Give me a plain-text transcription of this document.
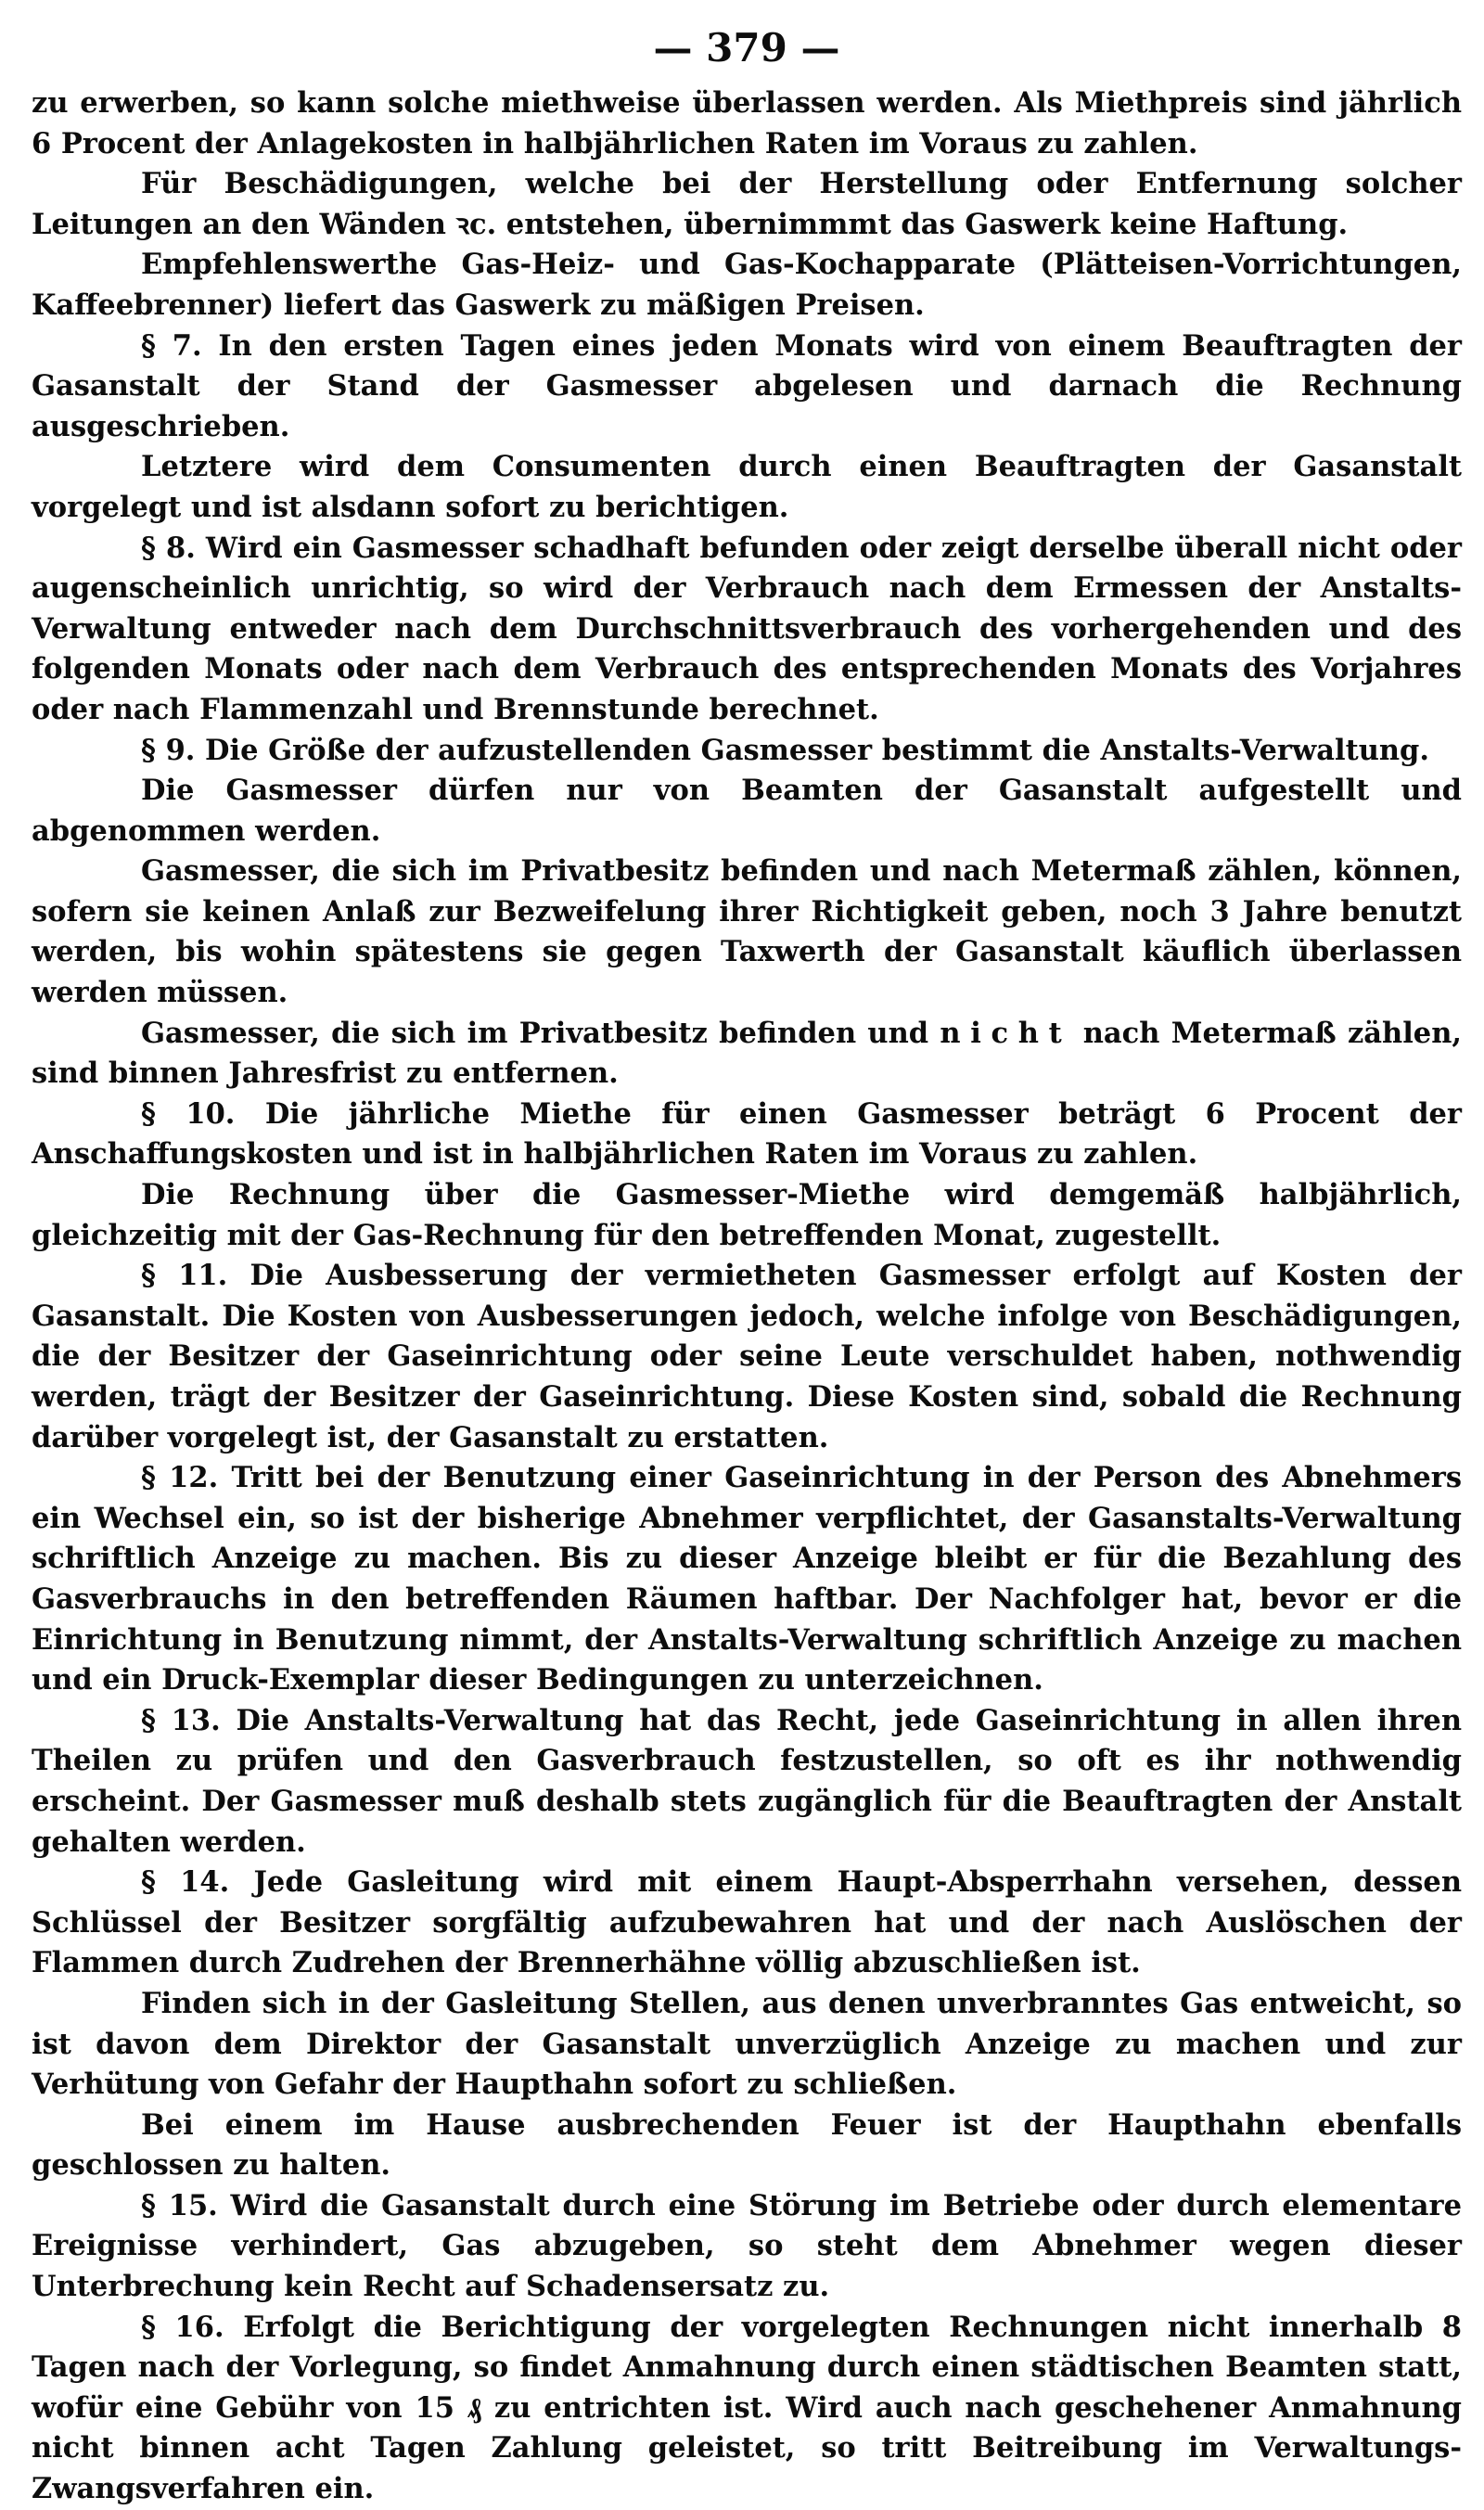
— 379 —

zu erwerben, so kann solche miethweise überlassen werden. Als Miethpreis sind jährlich 6 Procent der Anlagekosten in halbjährlichen Raten im Voraus zu zahlen.

Für Beschädigungen, welche bei der Herstellung oder Entfernung solcher Leitungen an den Wänden ꝛc. entstehen, übernimmmt das Gaswerk keine Haftung.

Empfehlenswerthe Gas-Heiz- und Gas-Kochapparate (Plätteisen-Vorrichtungen, Kaffeebrenner) liefert das Gaswerk zu mäßigen Preisen.

§ 7. In den ersten Tagen eines jeden Monats wird von einem Beauftragten der Gasanstalt der Stand der Gasmesser abgelesen und darnach die Rechnung ausgeschrieben.

Letztere wird dem Consumenten durch einen Beauftragten der Gasanstalt vorgelegt und ist alsdann sofort zu berichtigen.

§ 8. Wird ein Gasmesser schadhaft befunden oder zeigt derselbe überall nicht oder augenscheinlich unrichtig, so wird der Verbrauch nach dem Ermessen der Anstalts-Verwaltung entweder nach dem Durchschnittsverbrauch des vorhergehenden und des folgenden Monats oder nach dem Verbrauch des entsprechenden Monats des Vorjahres oder nach Flammenzahl und Brennstunde berechnet.

§ 9. Die Größe der aufzustellenden Gasmesser bestimmt die Anstalts-Verwaltung.

Die Gasmesser dürfen nur von Beamten der Gasanstalt aufgestellt und abgenommen werden.

Gasmesser, die sich im Privatbesitz befinden und nach Metermaß zählen, können, sofern sie keinen Anlaß zur Bezweifelung ihrer Richtigkeit geben, noch 3 Jahre benutzt werden, bis wohin spätestens sie gegen Taxwerth der Gasanstalt käuflich überlassen werden müssen.

Gasmesser, die sich im Privatbesitz befinden und nicht nach Metermaß zählen, sind binnen Jahresfrist zu entfernen.

§ 10. Die jährliche Miethe für einen Gasmesser beträgt 6 Procent der Anschaffungskosten und ist in halbjährlichen Raten im Voraus zu zahlen.

Die Rechnung über die Gasmesser-Miethe wird demgemäß halbjährlich, gleichzeitig mit der Gas-Rechnung für den betreffenden Monat, zugestellt.

§ 11. Die Ausbesserung der vermietheten Gasmesser erfolgt auf Kosten der Gasanstalt. Die Kosten von Ausbesserungen jedoch, welche infolge von Beschädigungen, die der Besitzer der Gaseinrichtung oder seine Leute verschuldet haben, nothwendig werden, trägt der Besitzer der Gaseinrichtung. Diese Kosten sind, sobald die Rechnung darüber vorgelegt ist, der Gasanstalt zu erstatten.

§ 12. Tritt bei der Benutzung einer Gaseinrichtung in der Person des Abnehmers ein Wechsel ein, so ist der bisherige Abnehmer verpflichtet, der Gasanstalts-Verwaltung schriftlich Anzeige zu machen. Bis zu dieser Anzeige bleibt er für die Bezahlung des Gasverbrauchs in den betreffenden Räumen haftbar. Der Nachfolger hat, bevor er die Einrichtung in Benutzung nimmt, der Anstalts-Verwaltung schriftlich Anzeige zu machen und ein Druck-Exemplar dieser Bedingungen zu unterzeichnen.

§ 13. Die Anstalts-Verwaltung hat das Recht, jede Gaseinrichtung in allen ihren Theilen zu prüfen und den Gasverbrauch festzustellen, so oft es ihr nothwendig erscheint. Der Gasmesser muß deshalb stets zugänglich für die Beauftragten der Anstalt gehalten werden.

§ 14. Jede Gasleitung wird mit einem Haupt-Absperrhahn versehen, dessen Schlüssel der Besitzer sorgfältig aufzubewahren hat und der nach Auslöschen der Flammen durch Zudrehen der Brennerhähne völlig abzuschließen ist.

Finden sich in der Gasleitung Stellen, aus denen unverbranntes Gas entweicht, so ist davon dem Direktor der Gasanstalt unverzüglich Anzeige zu machen und zur Verhütung von Gefahr der Haupthahn sofort zu schließen.

Bei einem im Hause ausbrechenden Feuer ist der Haupthahn ebenfalls geschlossen zu halten.

§ 15. Wird die Gasanstalt durch eine Störung im Betriebe oder durch elementare Ereignisse verhindert, Gas abzugeben, so steht dem Abnehmer wegen dieser Unterbrechung kein Recht auf Schadensersatz zu.

§ 16. Erfolgt die Berichtigung der vorgelegten Rechnungen nicht innerhalb 8 Tagen nach der Vorlegung, so findet Anmahnung durch einen städtischen Beamten statt, wofür eine Gebühr von 15 ₰ zu entrichten ist. Wird auch nach geschehener Anmahnung nicht binnen acht Tagen Zahlung geleistet, so tritt Beitreibung im Verwaltungs-Zwangsverfahren ein.
